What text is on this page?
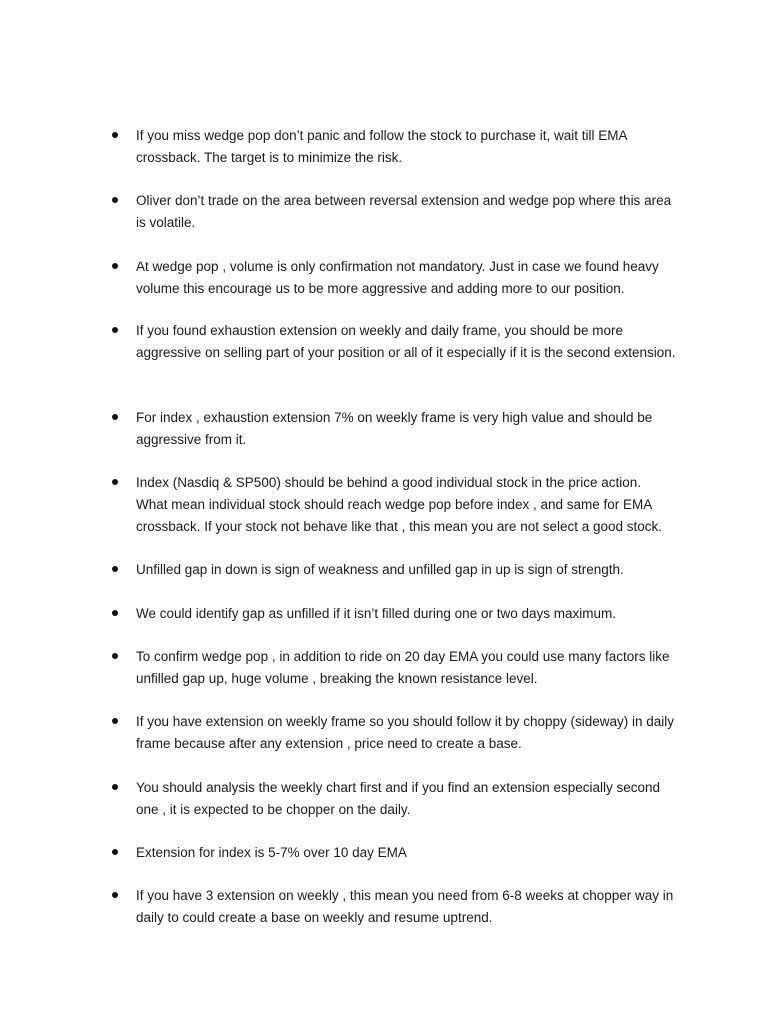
If you miss wedge pop don’t panic and follow the stock to purchase it, wait till EMA crossback. The target is to minimize the risk.
Oliver don’t trade on the area between reversal extension and wedge pop where this area is volatile.
At wedge pop , volume is only confirmation not mandatory. Just in case we found heavy volume this encourage us to be more aggressive and adding more to our position.
If you found exhaustion extension on weekly and daily frame, you should be more aggressive on selling part of your position or all of it especially if it is the second extension.
For index , exhaustion extension 7% on weekly frame is very high value and should be aggressive from it.
Index (Nasdiq & SP500) should be behind a good individual stock in the price action. What mean individual stock should reach wedge pop before index , and same for EMA crossback. If your stock not behave like that , this mean you are not select a good stock.
Unfilled gap in down is sign of weakness and unfilled gap in up is sign of strength.
We could identify gap as unfilled if it isn’t filled during one or two days maximum.
To confirm wedge pop , in addition to ride on 20 day EMA you could use many factors like unfilled gap up, huge volume , breaking the known resistance level.
If you have extension on weekly frame so you should follow it by choppy (sideway) in daily frame because after any extension , price need to create a base.
You should analysis the weekly chart first and if you find an extension especially second one , it is expected to be chopper on the daily.
Extension for index is 5-7% over 10 day EMA
If you have 3 extension on weekly , this mean you need from 6-8 weeks at chopper way in daily to could create a base on weekly and resume uptrend.
